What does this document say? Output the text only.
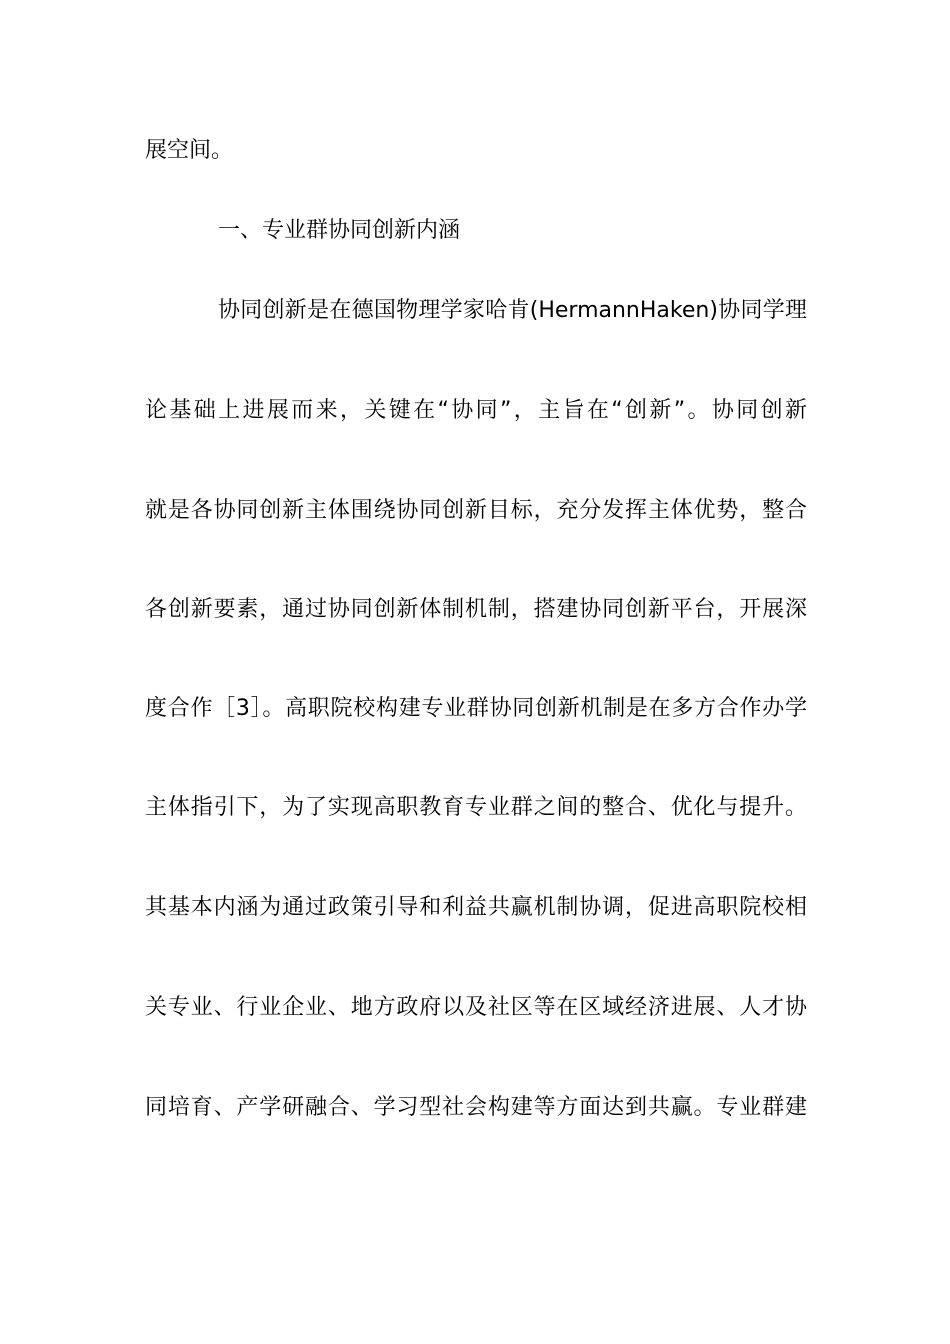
展空间。
一、专业群协同创新内涵
协同创新是在德国物理学家哈肯(HermannHaken)协同学理
论基础上进展而来，关键在“协同”，主旨在“创新”。协同创新
就是各协同创新主体围绕协同创新目标，充分发挥主体优势，整合
各创新要素，通过协同创新体制机制，搭建协同创新平台，开展深
度合作［3］。高职院校构建专业群协同创新机制是在多方合作办学
主体指引下，为了实现高职教育专业群之间的整合、优化与提升。
其基本内涵为通过政策引导和利益共赢机制协调，促进高职院校相
关专业、行业企业、地方政府以及社区等在区域经济进展、人才协
同培育、产学研融合、学习型社会构建等方面达到共赢。专业群建
